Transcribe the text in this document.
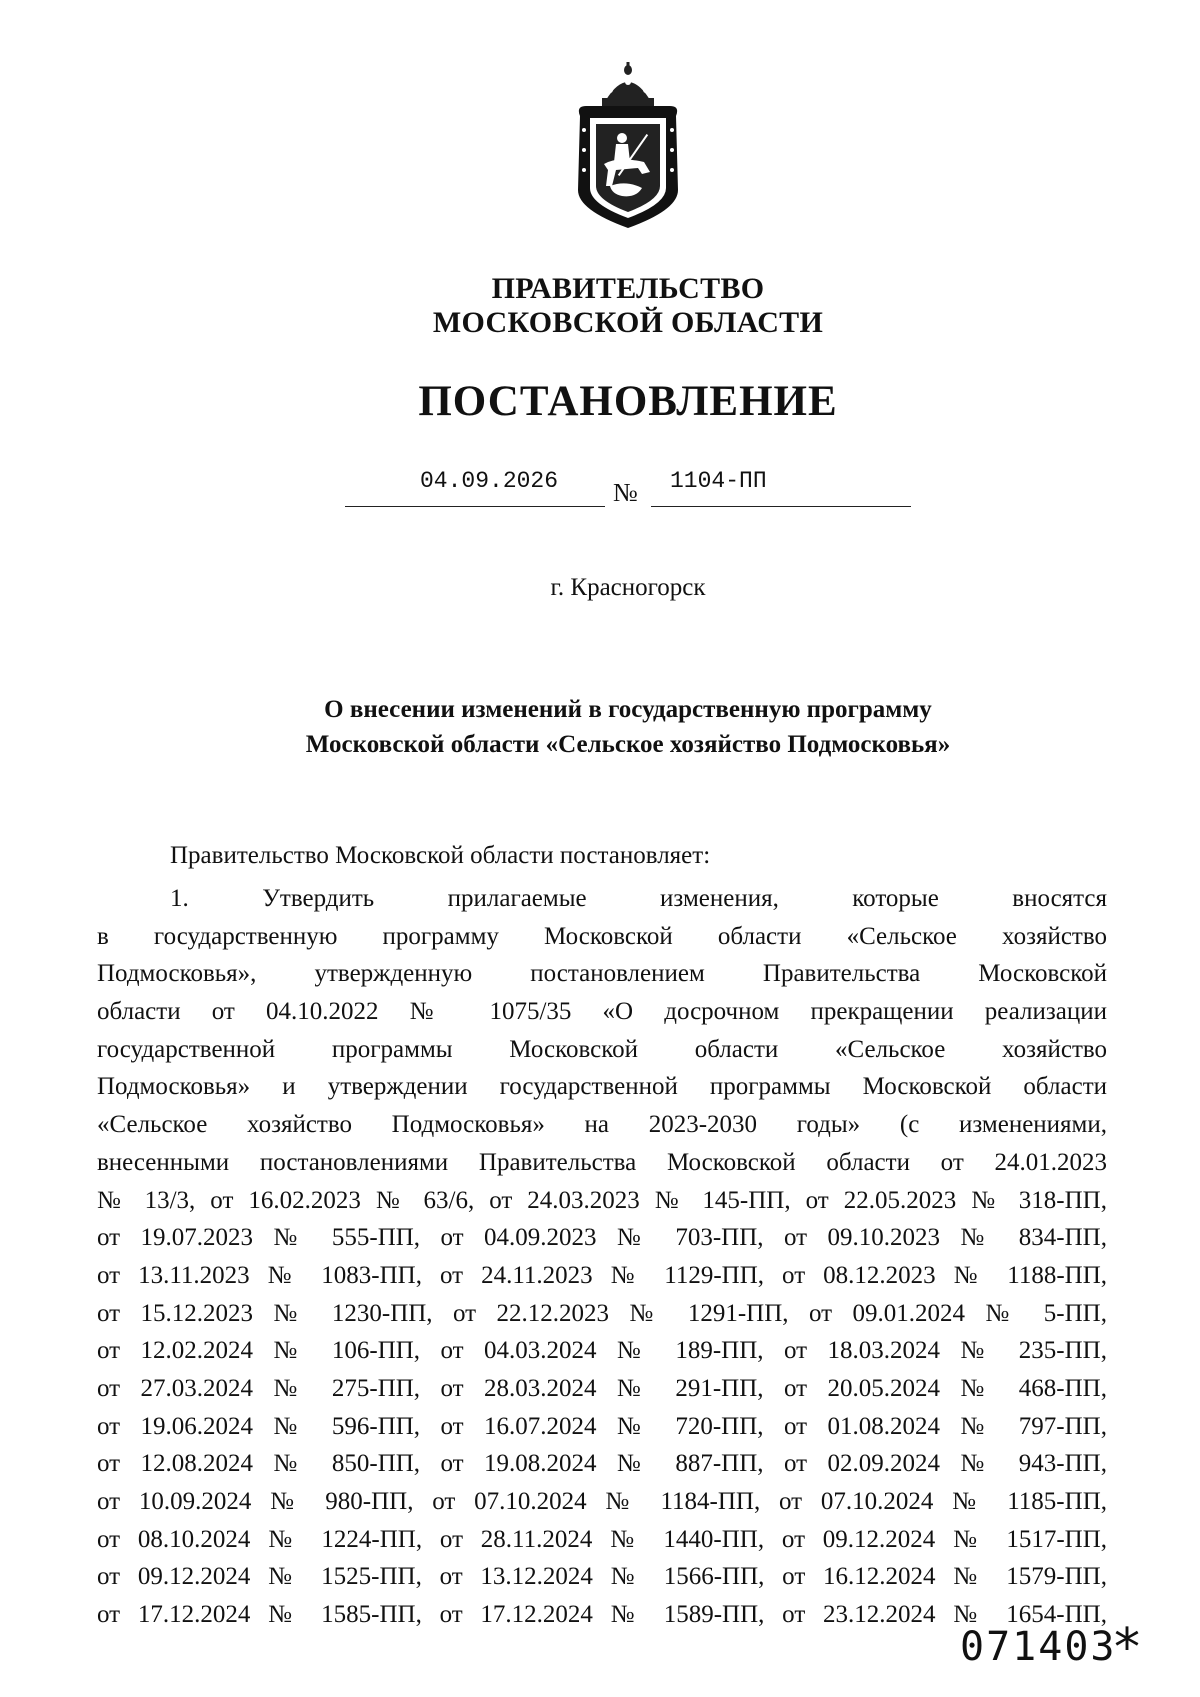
ПРАВИТЕЛЬСТВО
МОСКОВСКОЙ ОБЛАСТИ
ПОСТАНОВЛЕНИЕ
04.09.2026 № 1104-ПП
г. Красногорск
О внесении изменений в государственную программу
Московской области «Сельское хозяйство Подмосковья»
Правительство Московской области постановляет:
1. Утвердить прилагаемые изменения, которые вносятся
в государственную программу Московской области «Сельское хозяйство
Подмосковья», утвержденную постановлением Правительства Московской
области от 04.10.2022 № 1075/35 «О досрочном прекращении реализации
государственной программы Московской области «Сельское хозяйство
Подмосковья» и утверждении государственной программы Московской области
«Сельское хозяйство Подмосковья» на 2023-2030 годы» (с изменениями,
внесенными постановлениями Правительства Московской области от 24.01.2023
№ 13/3, от 16.02.2023 № 63/6, от 24.03.2023 № 145-ПП, от 22.05.2023 № 318-ПП,
от 19.07.2023 № 555-ПП, от 04.09.2023 № 703-ПП, от 09.10.2023 № 834-ПП,
от 13.11.2023 № 1083-ПП, от 24.11.2023 № 1129-ПП, от 08.12.2023 № 1188-ПП,
от 15.12.2023 № 1230-ПП, от 22.12.2023 № 1291-ПП, от 09.01.2024 № 5-ПП,
от 12.02.2024 № 106-ПП, от 04.03.2024 № 189-ПП, от 18.03.2024 № 235-ПП,
от 27.03.2024 № 275-ПП, от 28.03.2024 № 291-ПП, от 20.05.2024 № 468-ПП,
от 19.06.2024 № 596-ПП, от 16.07.2024 № 720-ПП, от 01.08.2024 № 797-ПП,
от 12.08.2024 № 850-ПП, от 19.08.2024 № 887-ПП, от 02.09.2024 № 943-ПП,
от 10.09.2024 № 980-ПП, от 07.10.2024 № 1184-ПП, от 07.10.2024 № 1185-ПП,
от 08.10.2024 № 1224-ПП, от 28.11.2024 № 1440-ПП, от 09.12.2024 № 1517-ПП,
от 09.12.2024 № 1525-ПП, от 13.12.2024 № 1566-ПП, от 16.12.2024 № 1579-ПП,
от 17.12.2024 № 1585-ПП, от 17.12.2024 № 1589-ПП, от 23.12.2024 № 1654-ПП,
071403
*
